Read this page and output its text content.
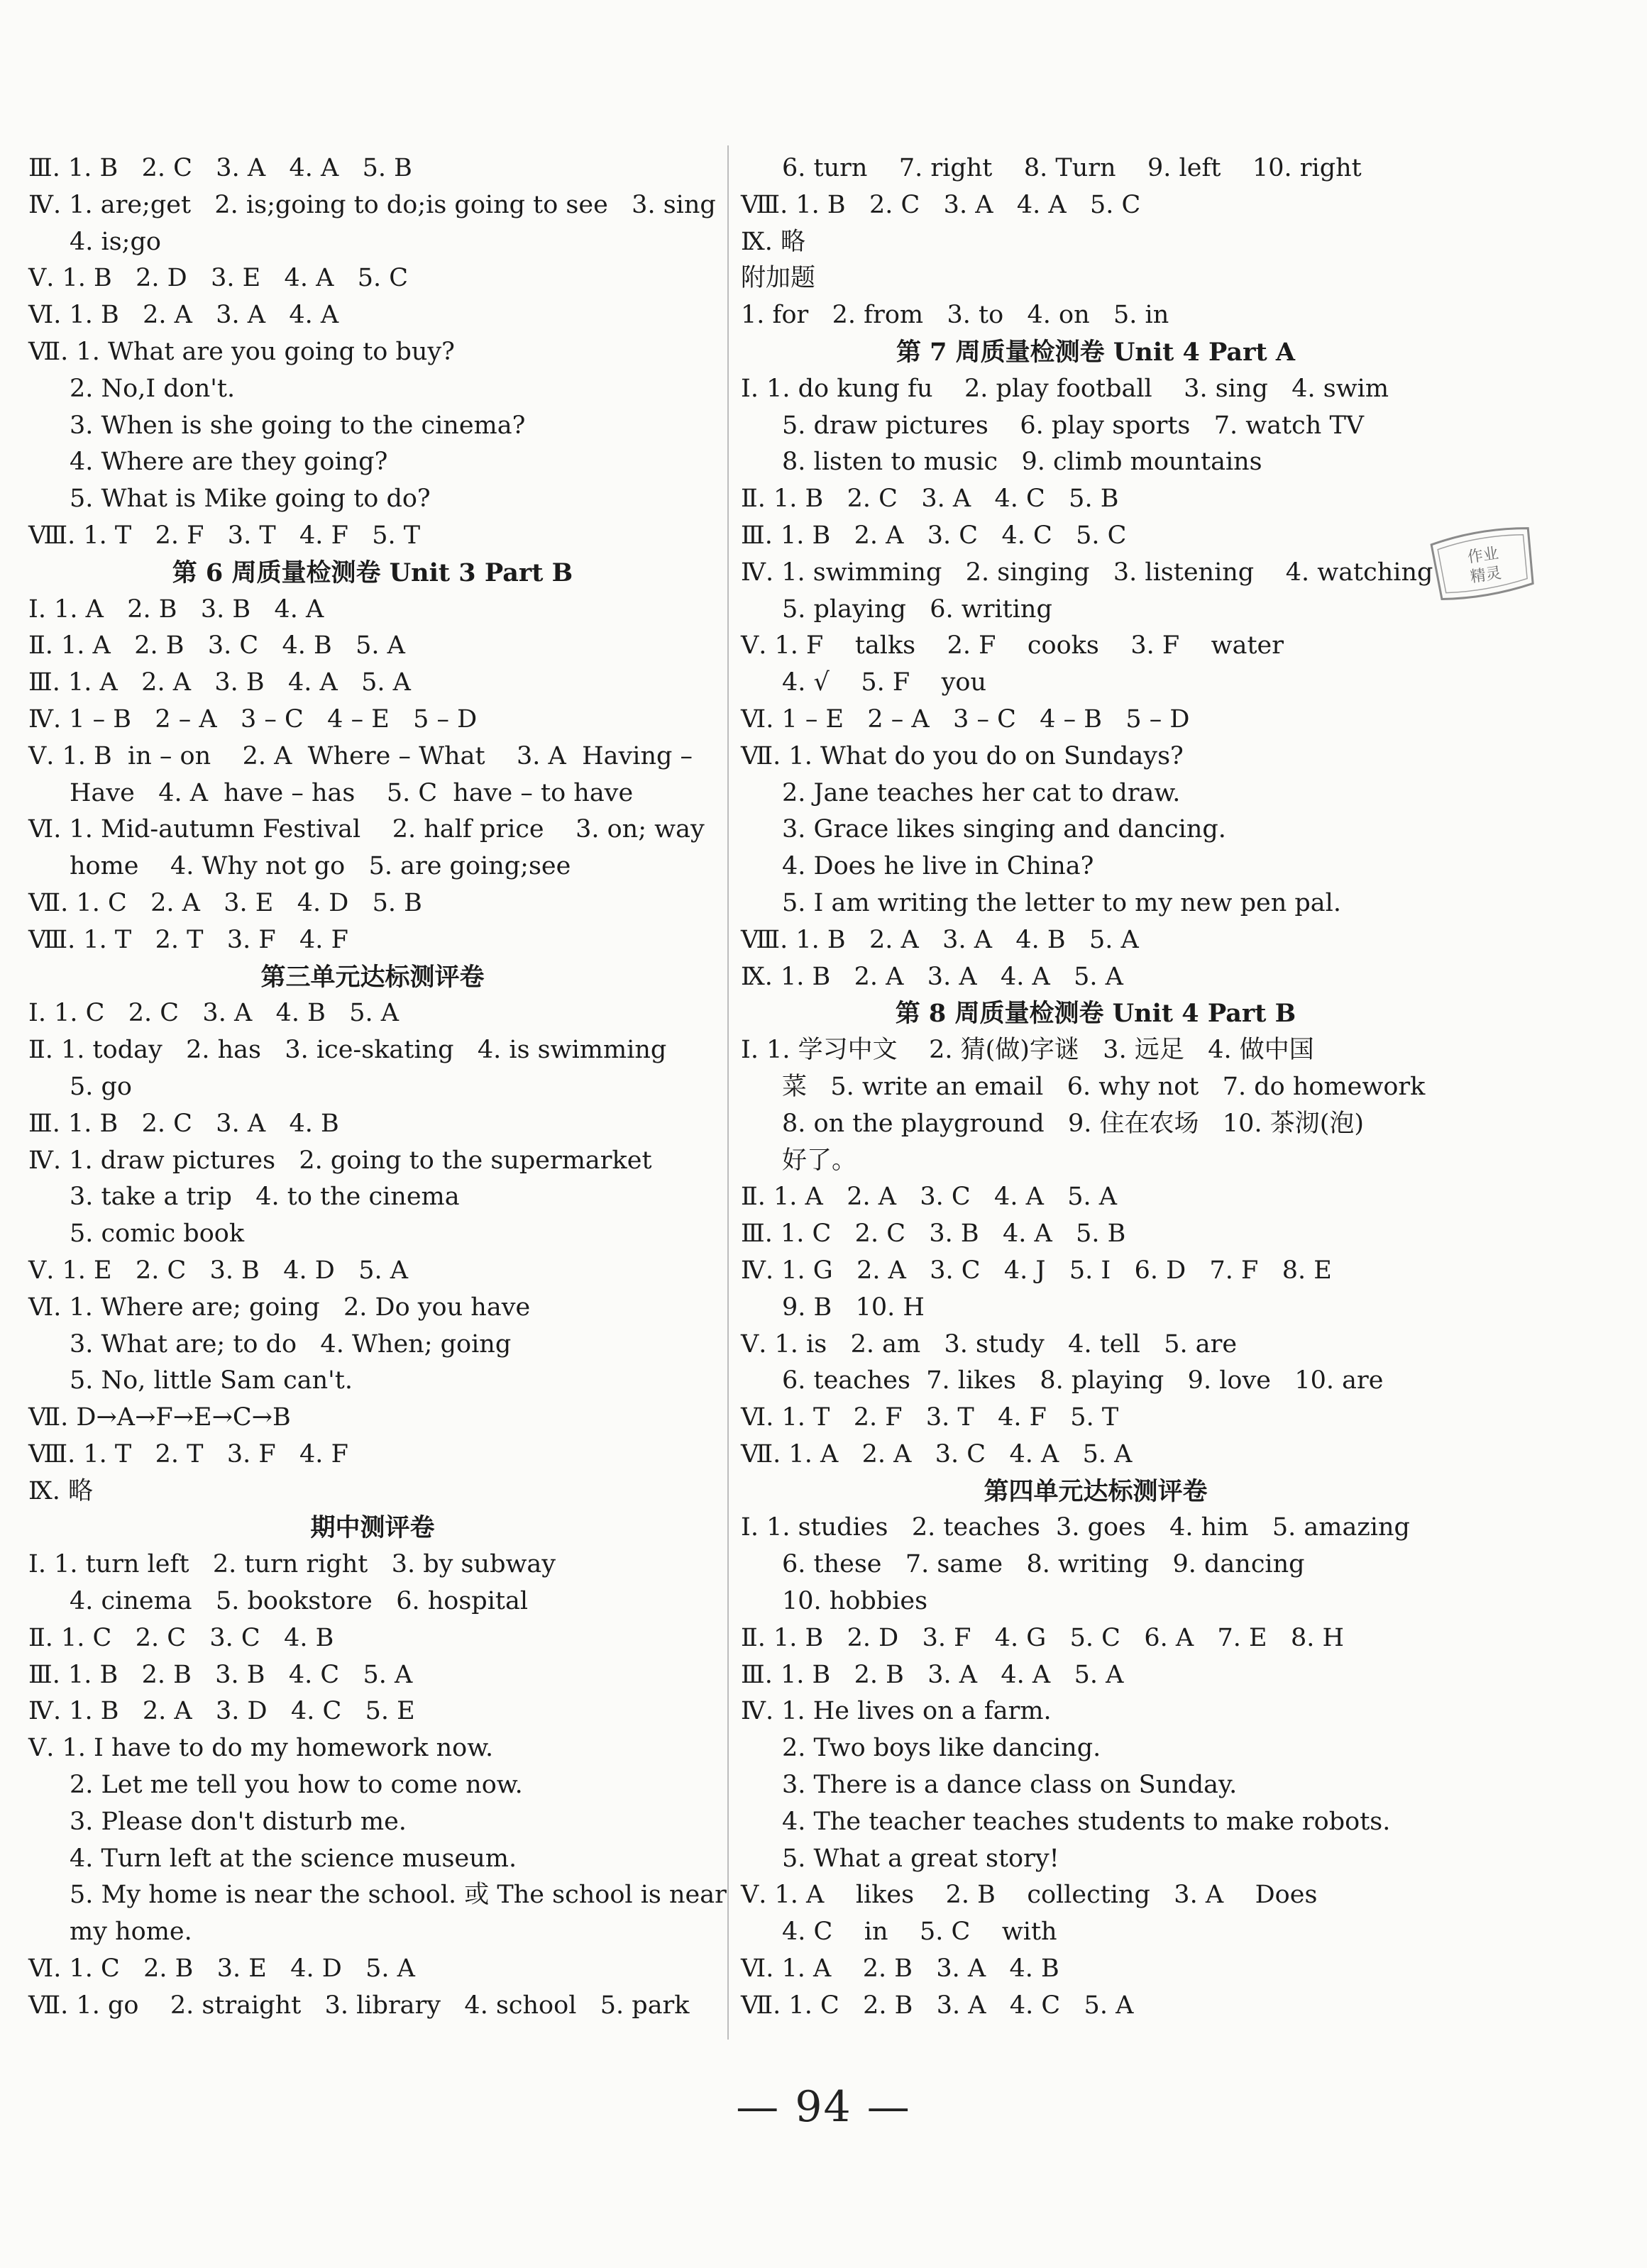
Ⅲ. 1. B   2. C   3. A   4. A   5. B
Ⅳ. 1. are;get   2. is;going to do;is going to see   3. sing
4. is;go
Ⅴ. 1. B   2. D   3. E   4. A   5. C
Ⅵ. 1. B   2. A   3. A   4. A
Ⅶ. 1. What are you going to buy?
2. No,I don't.
3. When is she going to the cinema?
4. Where are they going?
5. What is Mike going to do?
Ⅷ. 1. T   2. F   3. T   4. F   5. T
第 6 周质量检测卷 Unit 3 Part B
Ⅰ. 1. A   2. B   3. B   4. A
Ⅱ. 1. A   2. B   3. C   4. B   5. A
Ⅲ. 1. A   2. A   3. B   4. A   5. A
Ⅳ. 1 – B   2 – A   3 – C   4 – E   5 – D
Ⅴ. 1. B  in – on    2. A  Where – What    3. A  Having –
Have   4. A  have – has    5. C  have – to have
Ⅵ. 1. Mid-autumn Festival    2. half price    3. on; way
home    4. Why not go   5. are going;see
Ⅶ. 1. C   2. A   3. E   4. D   5. B
Ⅷ. 1. T   2. T   3. F   4. F
第三单元达标测评卷
Ⅰ. 1. C   2. C   3. A   4. B   5. A
Ⅱ. 1. today   2. has   3. ice-skating   4. is swimming
5. go
Ⅲ. 1. B   2. C   3. A   4. B
Ⅳ. 1. draw pictures   2. going to the supermarket
3. take a trip   4. to the cinema
5. comic book
Ⅴ. 1. E   2. C   3. B   4. D   5. A
Ⅵ. 1. Where are; going   2. Do you have
3. What are; to do   4. When; going
5. No, little Sam can't.
Ⅶ. D→A→F→E→C→B
Ⅷ. 1. T   2. T   3. F   4. F
Ⅸ. 略
期中测评卷
Ⅰ. 1. turn left   2. turn right   3. by subway
4. cinema   5. bookstore   6. hospital
Ⅱ. 1. C   2. C   3. C   4. B
Ⅲ. 1. B   2. B   3. B   4. C   5. A
Ⅳ. 1. B   2. A   3. D   4. C   5. E
Ⅴ. 1. I have to do my homework now.
2. Let me tell you how to come now.
3. Please don't disturb me.
4. Turn left at the science museum.
5. My home is near the school. 或 The school is near
my home.
Ⅵ. 1. C   2. B   3. E   4. D   5. A
Ⅶ. 1. go    2. straight   3. library   4. school   5. park
6. turn    7. right    8. Turn    9. left    10. right
Ⅷ. 1. B   2. C   3. A   4. A   5. C
Ⅸ. 略
附加题
1. for   2. from   3. to   4. on   5. in
第 7 周质量检测卷 Unit 4 Part A
Ⅰ. 1. do kung fu    2. play football    3. sing   4. swim
5. draw pictures    6. play sports   7. watch TV
8. listen to music   9. climb mountains
Ⅱ. 1. B   2. C   3. A   4. C   5. B
Ⅲ. 1. B   2. A   3. C   4. C   5. C
Ⅳ. 1. swimming   2. singing   3. listening    4. watching
5. playing   6. writing
Ⅴ. 1. F    talks    2. F    cooks    3. F    water
4. √    5. F    you
Ⅵ. 1 – E   2 – A   3 – C   4 – B   5 – D
Ⅶ. 1. What do you do on Sundays?
2. Jane teaches her cat to draw.
3. Grace likes singing and dancing.
4. Does he live in China?
5. I am writing the letter to my new pen pal.
Ⅷ. 1. B   2. A   3. A   4. B   5. A
Ⅸ. 1. B   2. A   3. A   4. A   5. A
第 8 周质量检测卷 Unit 4 Part B
Ⅰ. 1. 学习中文    2. 猜(做)字谜   3. 远足   4. 做中国
菜   5. write an email   6. why not   7. do homework
8. on the playground   9. 住在农场   10. 茶沏(泡)
好了。
Ⅱ. 1. A   2. A   3. C   4. A   5. A
Ⅲ. 1. C   2. C   3. B   4. A   5. B
Ⅳ. 1. G   2. A   3. C   4. J   5. I   6. D   7. F   8. E
9. B   10. H
Ⅴ. 1. is   2. am   3. study   4. tell   5. are
6. teaches  7. likes   8. playing   9. love   10. are
Ⅵ. 1. T   2. F   3. T   4. F   5. T
Ⅶ. 1. A   2. A   3. C   4. A   5. A
第四单元达标测评卷
Ⅰ. 1. studies   2. teaches  3. goes   4. him   5. amazing
6. these   7. same   8. writing   9. dancing
10. hobbies
Ⅱ. 1. B   2. D   3. F   4. G   5. C   6. A   7. E   8. H
Ⅲ. 1. B   2. B   3. A   4. A   5. A
Ⅳ. 1. He lives on a farm.
2. Two boys like dancing.
3. There is a dance class on Sunday.
4. The teacher teaches students to make robots.
5. What a great story!
Ⅴ. 1. A    likes    2. B    collecting   3. A    Does
4. C    in    5. C    with
Ⅵ. 1. A    2. B   3. A   4. B
Ⅶ. 1. C   2. B   3. A   4. C   5. A
作业
精灵
— 94 —
